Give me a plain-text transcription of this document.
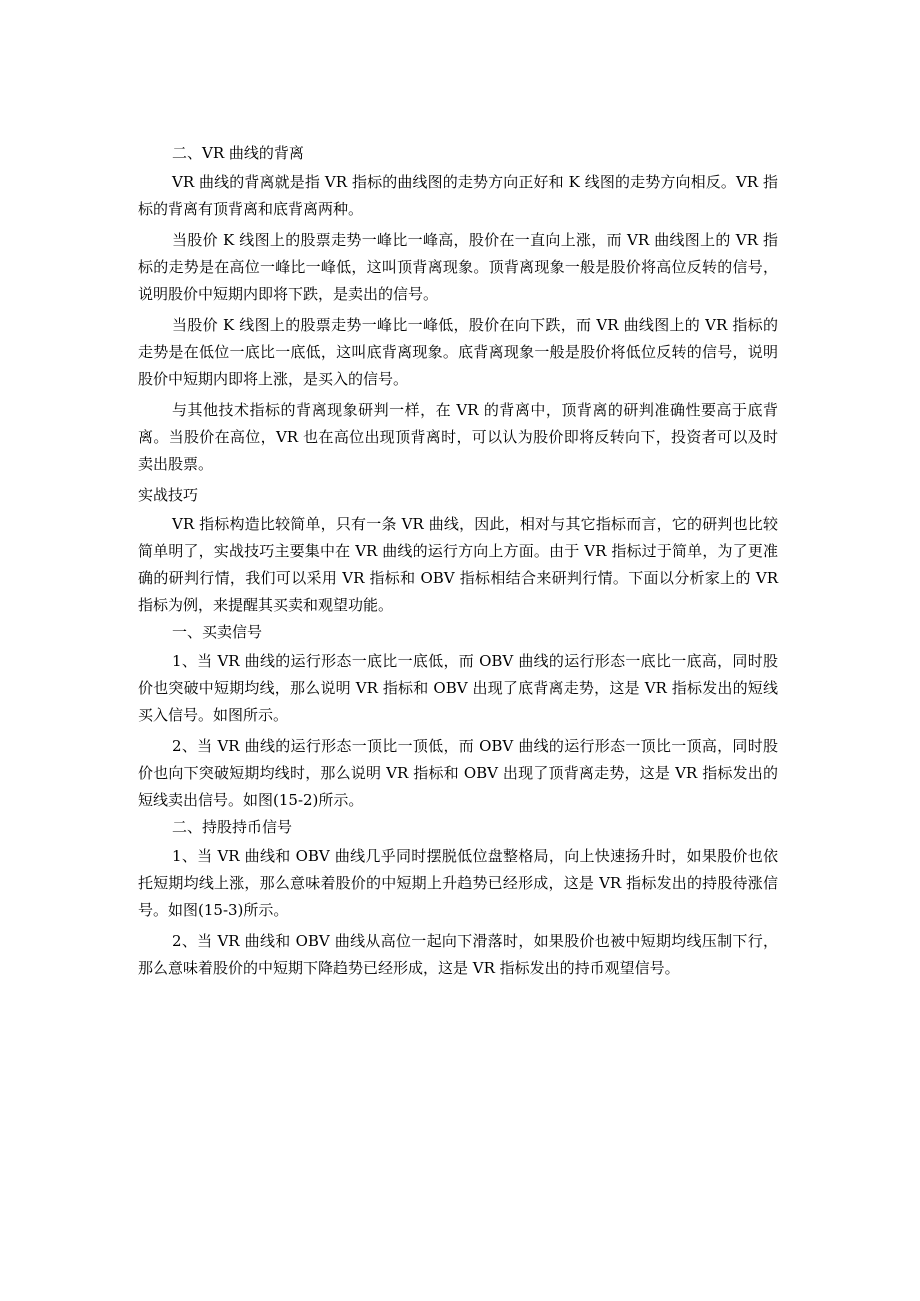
二、VR 曲线的背离

VR 曲线的背离就是指 VR 指标的曲线图的走势方向正好和 K 线图的走势方向相反。VR 指标的背离有顶背离和底背离两种。

当股价 K 线图上的股票走势一峰比一峰高，股价在一直向上涨，而 VR 曲线图上的 VR 指标的走势是在高位一峰比一峰低，这叫顶背离现象。顶背离现象一般是股价将高位反转的信号，说明股价中短期内即将下跌，是卖出的信号。

当股价 K 线图上的股票走势一峰比一峰低，股价在向下跌，而 VR 曲线图上的 VR 指标的走势是在低位一底比一底低，这叫底背离现象。底背离现象一般是股价将低位反转的信号，说明股价中短期内即将上涨，是买入的信号。

与其他技术指标的背离现象研判一样，在 VR 的背离中，顶背离的研判准确性要高于底背离。当股价在高位，VR 也在高位出现顶背离时，可以认为股价即将反转向下，投资者可以及时卖出股票。

实战技巧

VR 指标构造比较简单，只有一条 VR 曲线，因此，相对与其它指标而言，它的研判也比较简单明了，实战技巧主要集中在 VR 曲线的运行方向上方面。由于 VR 指标过于简单，为了更准确的研判行情，我们可以采用 VR 指标和 OBV 指标相结合来研判行情。下面以分析家上的 VR 指标为例，来提醒其买卖和观望功能。

一、买卖信号

1、当 VR 曲线的运行形态一底比一底低，而 OBV 曲线的运行形态一底比一底高，同时股价也突破中短期均线，那么说明 VR 指标和 OBV 出现了底背离走势，这是 VR 指标发出的短线买入信号。如图所示。

2、当 VR 曲线的运行形态一顶比一顶低，而 OBV 曲线的运行形态一顶比一顶高，同时股价也向下突破短期均线时，那么说明 VR 指标和 OBV 出现了顶背离走势，这是 VR 指标发出的短线卖出信号。如图(15-2)所示。

二、持股持币信号

1、当 VR 曲线和 OBV 曲线几乎同时摆脱低位盘整格局，向上快速扬升时，如果股价也依托短期均线上涨，那么意味着股价的中短期上升趋势已经形成，这是 VR 指标发出的持股待涨信号。如图(15-3)所示。

2、当 VR 曲线和 OBV 曲线从高位一起向下滑落时，如果股价也被中短期均线压制下行，那么意味着股价的中短期下降趋势已经形成，这是 VR 指标发出的持币观望信号。
